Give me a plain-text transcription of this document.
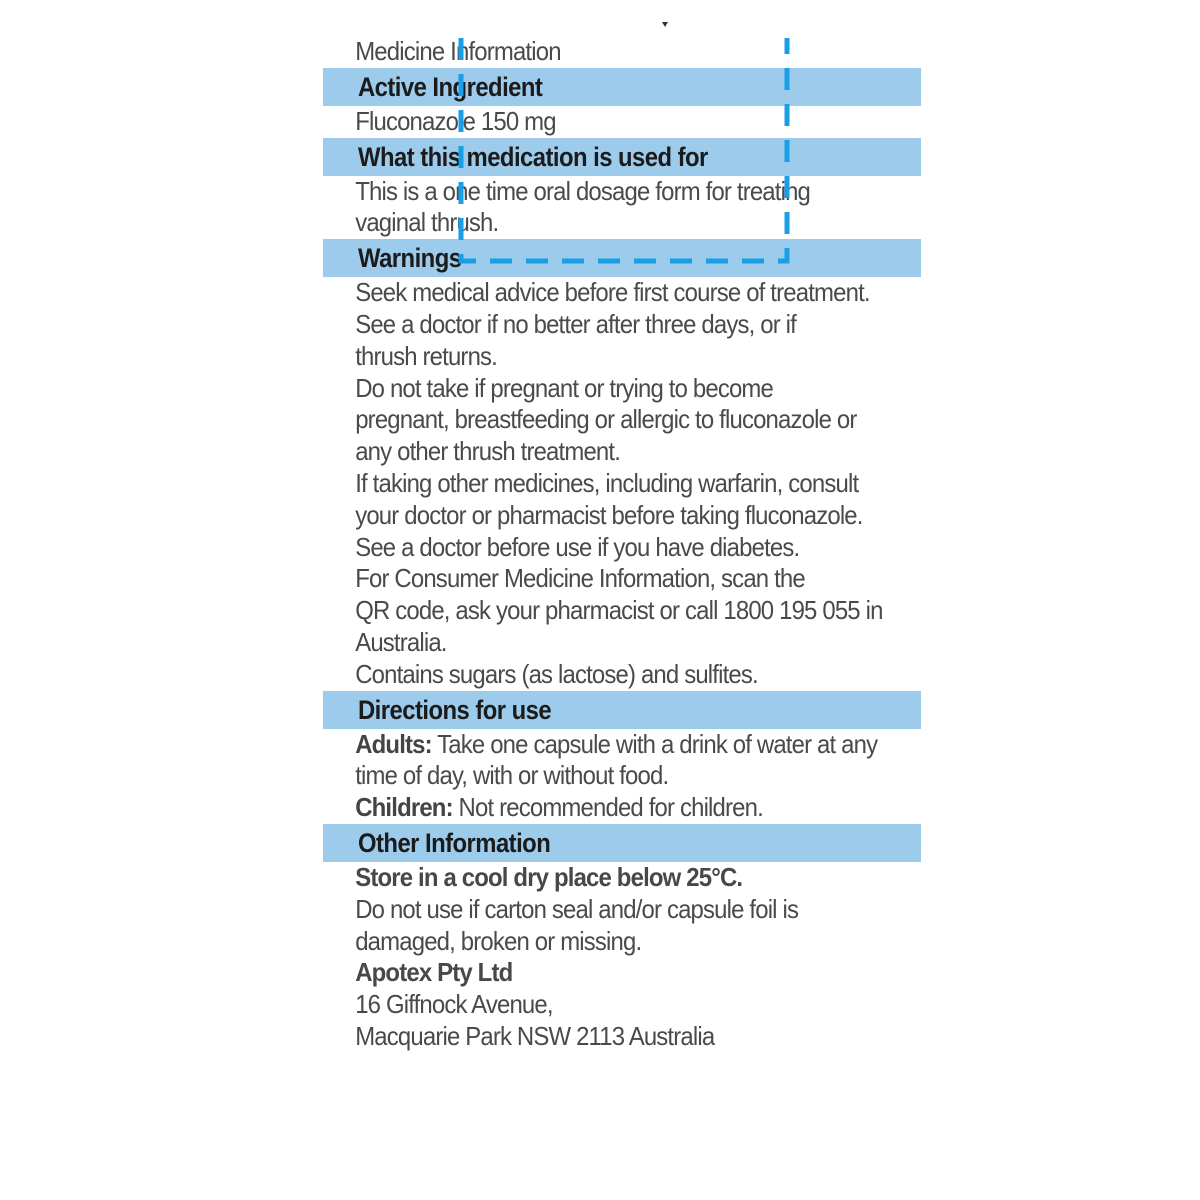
Medicine Information
Active Ingredient
Fluconazole 150 mg
What this medication is used for
This is a one time oral dosage form for treating
vaginal thrush.
Warnings
Seek medical advice before first course of treatment.
See a doctor if no better after three days, or if
thrush returns.
Do not take if pregnant or trying to become
pregnant, breastfeeding or allergic to fluconazole or
any other thrush treatment.
If taking other medicines, including warfarin, consult
your doctor or pharmacist before taking fluconazole.
See a doctor before use if you have diabetes.
For Consumer Medicine Information, scan the
QR code, ask your pharmacist or call 1800 195 055 in
Australia.
Contains sugars (as lactose) and sulfites.
Directions for use
Adults: Take one capsule with a drink of water at any
time of day, with or without food.
Children: Not recommended for children.
Other Information
Store in a cool dry place below 25°C.
Do not use if carton seal and/or capsule foil is
damaged, broken or missing.
Apotex Pty Ltd
16 Giffnock Avenue,
Macquarie Park NSW 2113 Australia
